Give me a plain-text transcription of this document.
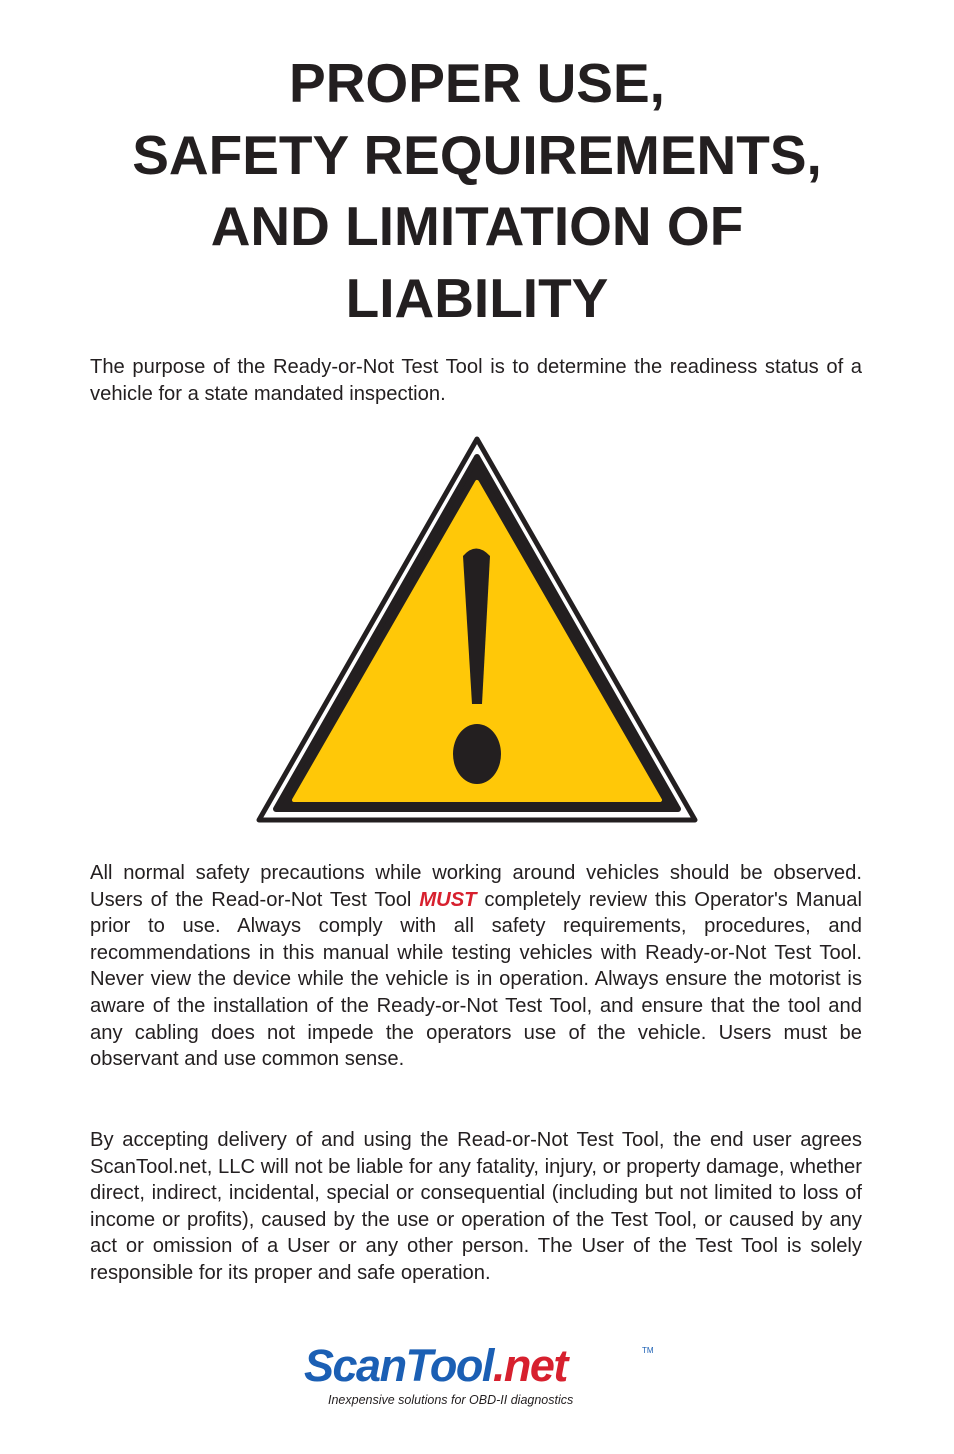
PROPER USE,
SAFETY REQUIREMENTS,
AND LIMITATION OF
LIABILITY

The purpose of the Ready-or-Not Test Tool is to determine the readiness status of a vehicle for a state mandated inspection.

All normal safety precautions while working around vehicles should be observed. Users of the Read-or-Not Test Tool MUST completely review this Operator's Manual prior to use. Always comply with all safety requirements, procedures, and recommendations in this manual while testing vehicles with Ready-or-Not Test Tool. Never view the device while the vehicle is in operation. Always ensure the motorist is aware of the installation of the Ready-or-Not Test Tool, and ensure that the tool and any cabling does not impede the operators use of the vehicle. Users must be observant and use common sense.

By accepting delivery of and using the Read-or-Not Test Tool, the end user agrees ScanTool.net, LLC will not be liable for any fatality, injury, or property damage, whether direct, indirect, incidental, special or consequential (including but not limited to loss of income or profits), caused by the use or operation of the Test Tool, or caused by any act or omission of a User or any other person. The User of the Test Tool is solely responsible for its proper and safe operation.

ScanTool.net	TM
Inexpensive solutions for OBD-II diagnostics
